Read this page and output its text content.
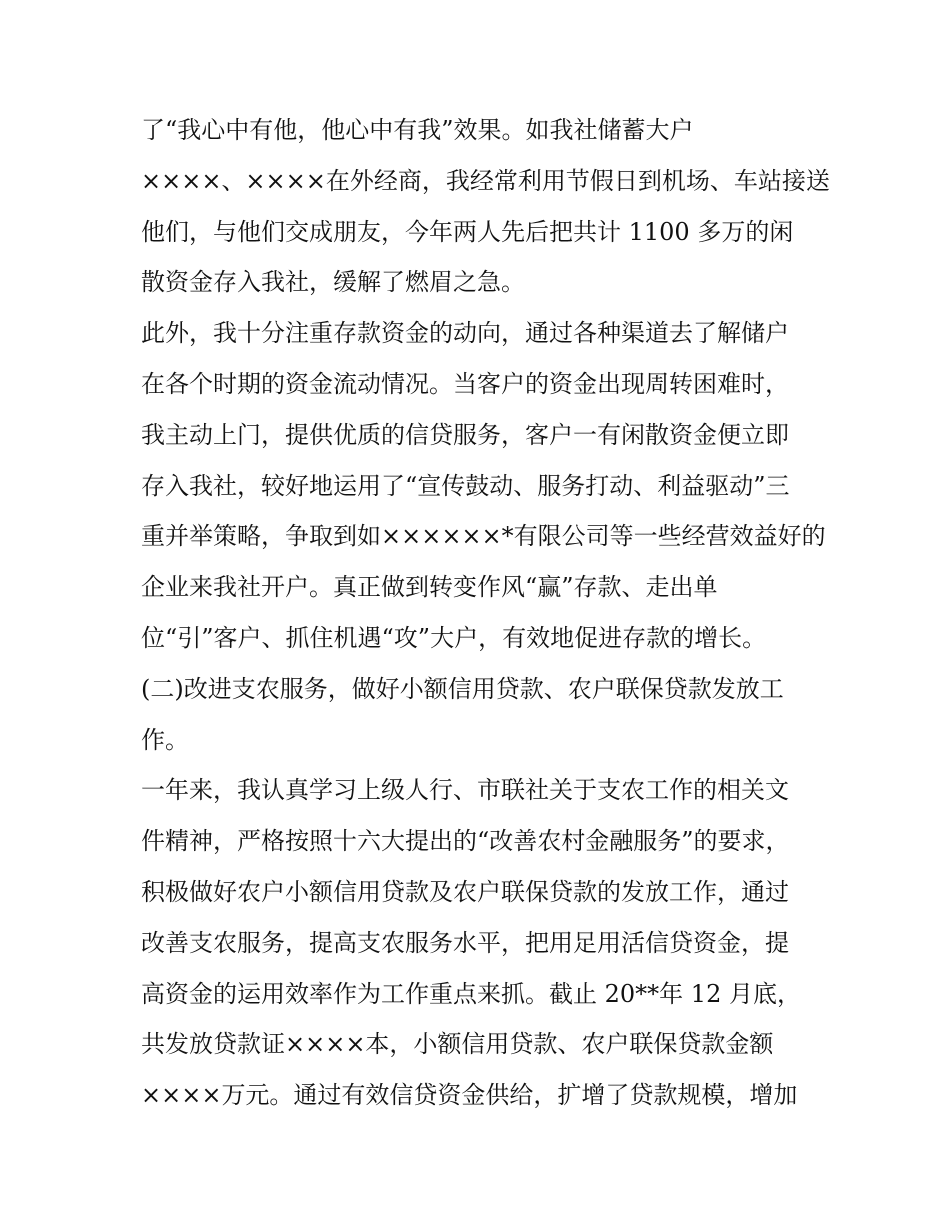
了“我心中有他，他心中有我”效果。如我社储蓄大户
××××、××××在外经商，我经常利用节假日到机场、车站接送
他们，与他们交成朋友，今年两人先后把共计 1100 多万的闲
散资金存入我社，缓解了燃眉之急。
此外，我十分注重存款资金的动向，通过各种渠道去了解储户
在各个时期的资金流动情况。当客户的资金出现周转困难时，
我主动上门，提供优质的信贷服务，客户一有闲散资金便立即
存入我社，较好地运用了“宣传鼓动、服务打动、利益驱动”三
重并举策略，争取到如××××××*有限公司等一些经营效益好的
企业来我社开户。真正做到转变作风“赢”存款、走出单
位“引”客户、抓住机遇“攻”大户，有效地促进存款的增长。
(二)改进支农服务，做好小额信用贷款、农户联保贷款发放工
作。
一年来，我认真学习上级人行、市联社关于支农工作的相关文
件精神，严格按照十六大提出的“改善农村金融服务”的要求，
积极做好农户小额信用贷款及农户联保贷款的发放工作，通过
改善支农服务，提高支农服务水平，把用足用活信贷资金，提
高资金的运用效率作为工作重点来抓。截止 20**年 12 月底，
共发放贷款证××××本，小额信用贷款、农户联保贷款金额
××××万元。通过有效信贷资金供给，扩增了贷款规模，增加
